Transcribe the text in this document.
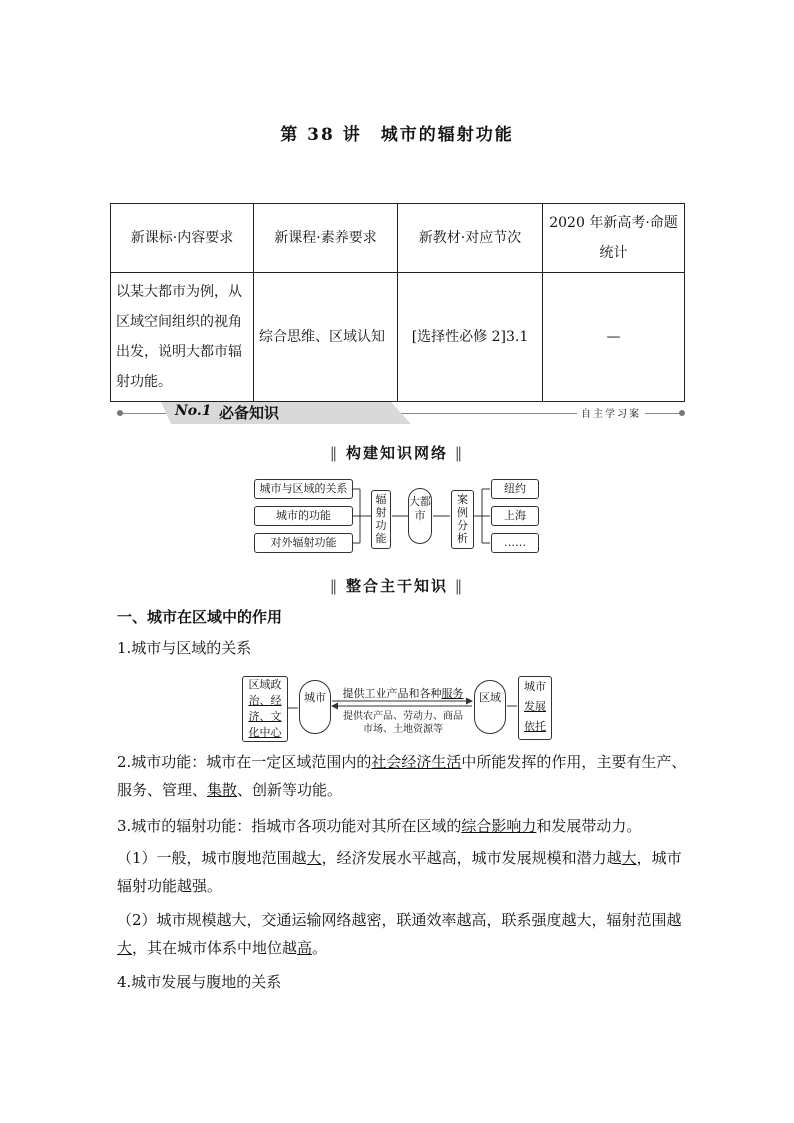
第 38 讲　城市的辐射功能
新课标·内容要求	新课程·素养要求	新教材·对应节次	2020 年新高考·命题统计
以某大都市为例，从区域空间组织的视角出发，说明大都市辐射功能。	综合思维、区域认知	[选择性必修 2]3.1	—
No.1 必备知识	自主学习案
‖ 构建知识网络 ‖
城市与区域的关系
城市的功能
对外辐射功能
辐射功能
大都市
案例分析
纽约
上海
……
‖ 整合主干知识 ‖
一、城市在区域中的作用
1.城市与区域的关系
区域政
治、经
济、文
化中心
城市	提供工业产品和各种服务
提供农产品、劳动力、商品
市场、土地资源等
区域
城市
发展
依托
2.城市功能：城市在一定区域范围内的社会经济生活中所能发挥的作用，主要有生产、服务、管理、集散、创新等功能。
3.城市的辐射功能：指城市各项功能对其所在区域的综合影响力和发展带动力。
（1）一般，城市腹地范围越大，经济发展水平越高，城市发展规模和潜力越大，城市辐射功能越强。
（2）城市规模越大，交通运输网络越密，联通效率越高，联系强度越大，辐射范围越大，其在城市体系中地位越高。
4.城市发展与腹地的关系
